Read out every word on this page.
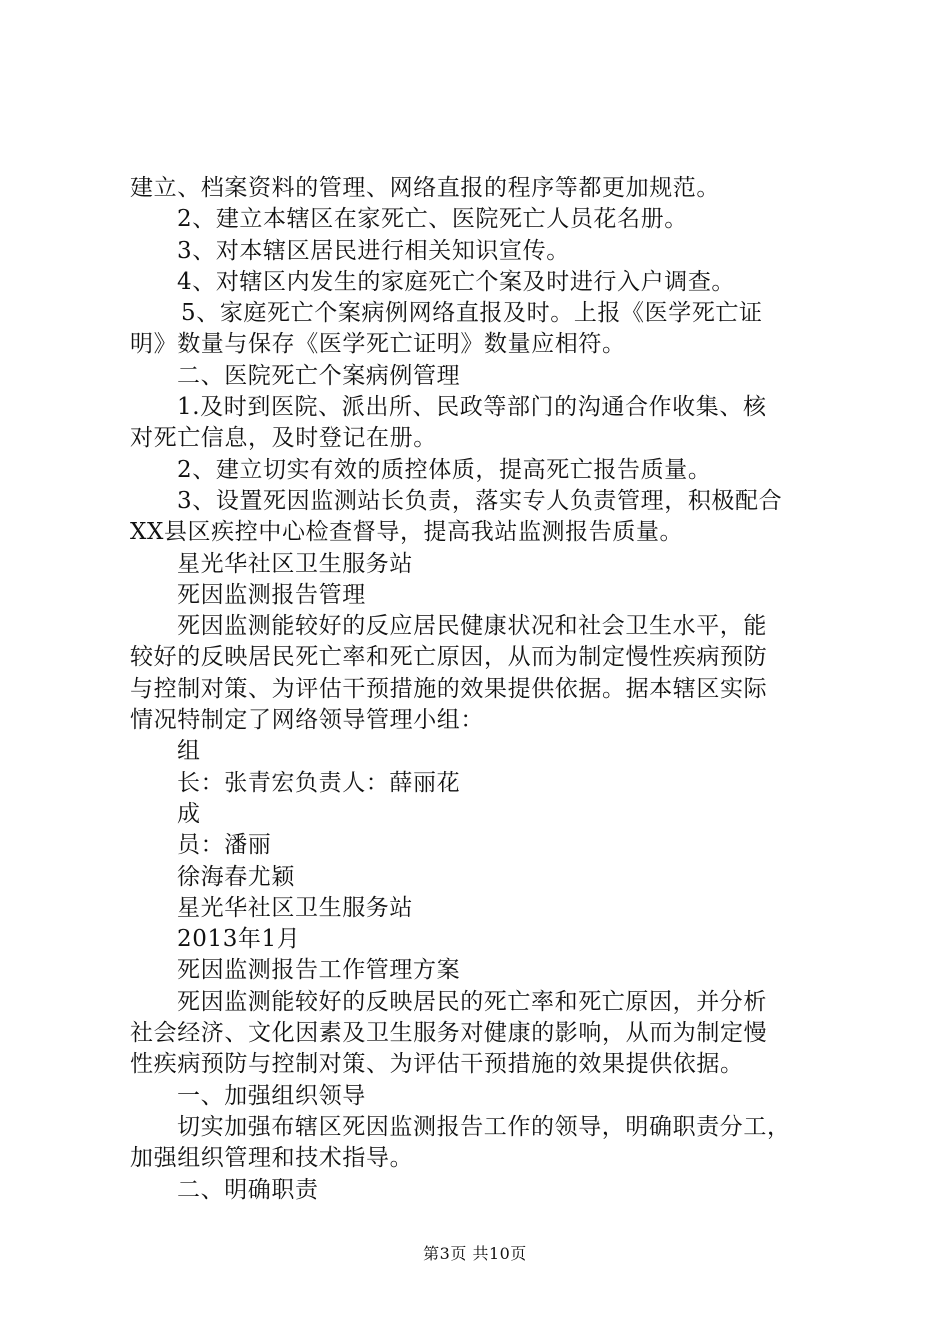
建立、档案资料的管理、网络直报的程序等都更加规范。
2、建立本辖区在家死亡、医院死亡人员花名册。
3、对本辖区居民进行相关知识宣传。
4、对辖区内发生的家庭死亡个案及时进行入户调查。
5、家庭死亡个案病例网络直报及时。上报《医学死亡证
明》数量与保存《医学死亡证明》数量应相符。
二、医院死亡个案病例管理
1.及时到医院、派出所、民政等部门的沟通合作收集、核
对死亡信息，及时登记在册。
2、建立切实有效的质控体质，提高死亡报告质量。
3、设置死因监测站长负责，落实专人负责管理，积极配合
XX县区疾控中心检查督导，提高我站监测报告质量。
星光华社区卫生服务站
死因监测报告管理
死因监测能较好的反应居民健康状况和社会卫生水平，能
较好的反映居民死亡率和死亡原因，从而为制定慢性疾病预防
与控制对策、为评估干预措施的效果提供依据。据本辖区实际
情况特制定了网络领导管理小组：
组
长：张青宏负责人：薛丽花
成
员：潘丽
徐海春尤颖
星光华社区卫生服务站
2013年1月
死因监测报告工作管理方案
死因监测能较好的反映居民的死亡率和死亡原因，并分析
社会经济、文化因素及卫生服务对健康的影响，从而为制定慢
性疾病预防与控制对策、为评估干预措施的效果提供依据。
一、加强组织领导
切实加强布辖区死因监测报告工作的领导，明确职责分工，
加强组织管理和技术指导。
二、明确职责
第3页 共10页
